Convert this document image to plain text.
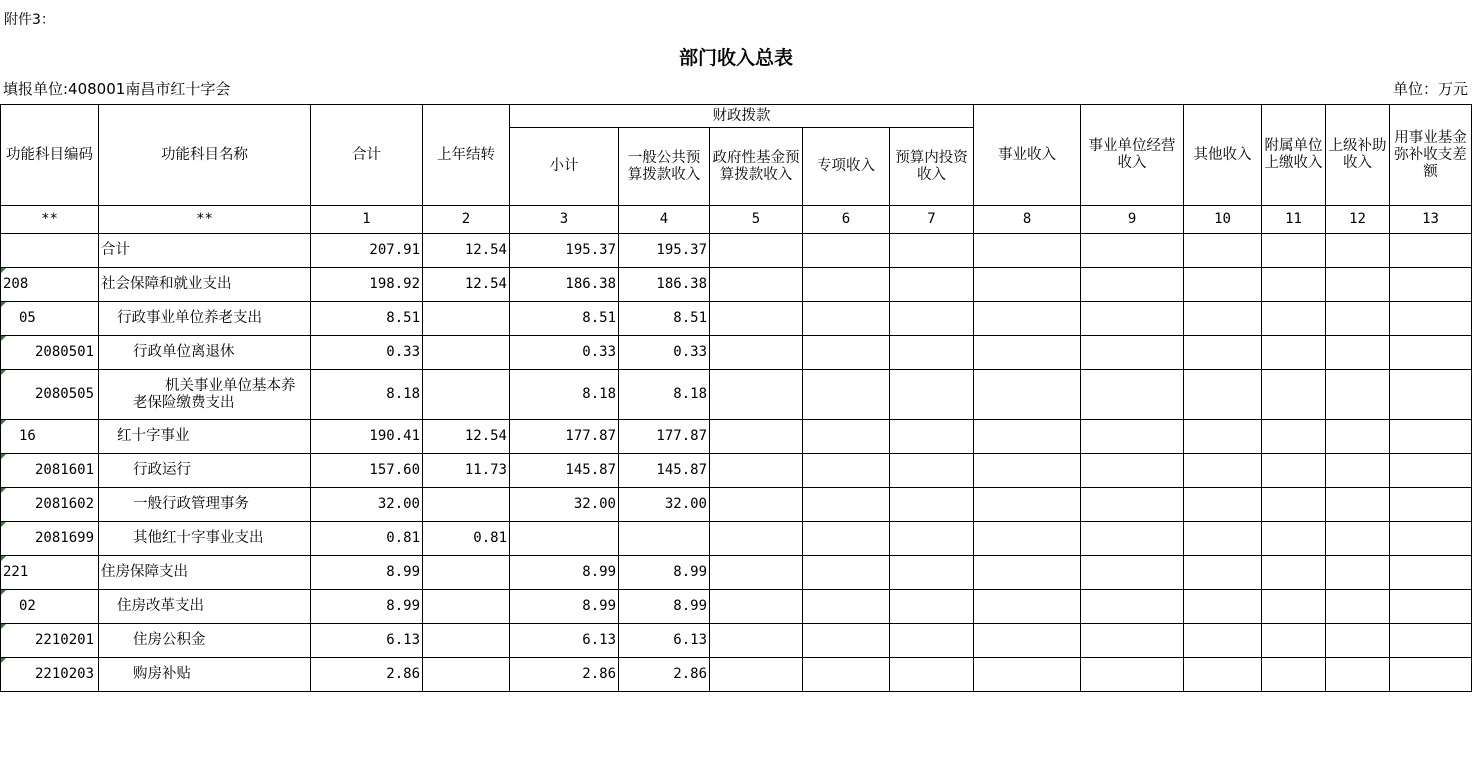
附件3：
部门收入总表
填报单位:408001南昌市红十字会	单位：万元
功能科目编码	功能科目名称	合计	上年结转	财政拨款					事业收入	事业单位经营收入	其他收入	附属单位上缴收入	上级补助收入	用事业基金弥补收支差额
				小计	一般公共预算拨款收入	政府性基金预算拨款收入	专项收入	预算内投资收入						
**	**	1	2	3	4	5	6	7	8	9	10	11	12	13
	合计	207.91	12.54	195.37	195.37									

208	社会保障和就业支出	198.92	12.54	186.38	186.38									

05	行政事业单位养老支出	8.51		8.51	8.51									

2080501	行政单位离退休	0.33		0.33	0.33									

2080505	机关事业单位基本养老保险缴费支出	8.18		8.18	8.18									

16	红十字事业	190.41	12.54	177.87	177.87									

2081601	行政运行	157.60	11.73	145.87	145.87									

2081602	一般行政管理事务	32.00		32.00	32.00									

2081699	其他红十字事业支出	0.81	0.81											

221	住房保障支出	8.99		8.99	8.99									

02	住房改革支出	8.99		8.99	8.99									

2210201	住房公积金	6.13		6.13	6.13									

2210203	购房补贴	2.86		2.86	2.86									
